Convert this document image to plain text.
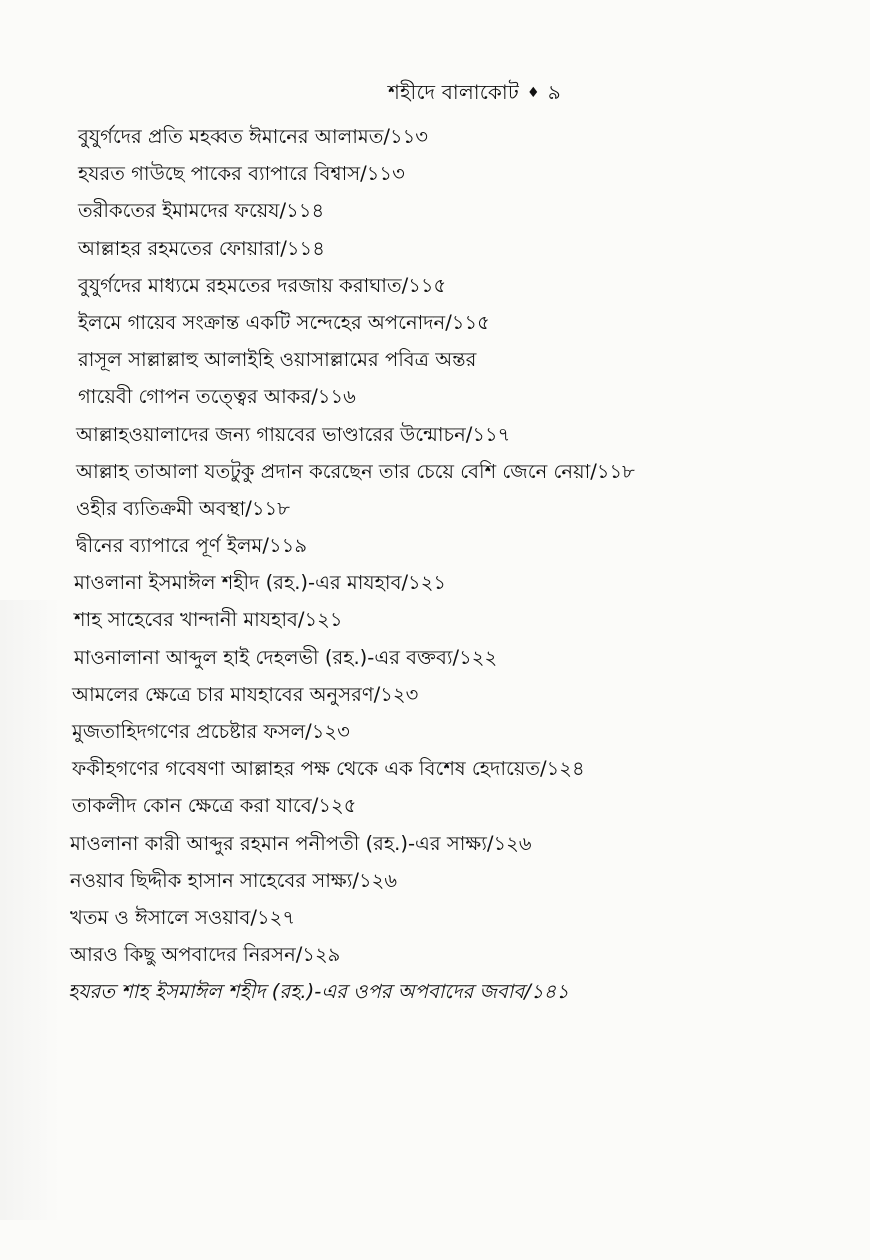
শহীদে বালাকোট ♦ ৯
বুযুর্গদের প্রতি মহব্বত ঈমানের আলামত/১১৩
হযরত গাউছে পাকের ব্যাপারে বিশ্বাস/১১৩
তরীকতের ইমামদের ফয়েয/১১৪
আল্লাহর রহমতের ফোয়ারা/১১৪
বুযুর্গদের মাধ্যমে রহমতের দরজায় করাঘাত/১১৫
ইলমে গায়েব সংক্রান্ত একটি সন্দেহের অপনোদন/১১৫
রাসূল সাল্লাল্লাহু আলাইহি ওয়াসাল্লামের পবিত্র অন্তর
গায়েবী গোপন তত্ত্বের আকর/১১৬
আল্লাহওয়ালাদের জন্য গায়বের ভাণ্ডারের উন্মোচন/১১৭
আল্লাহ তাআলা যতটুকু প্রদান করেছেন তার চেয়ে বেশি জেনে নেয়া/১১৮
ওহীর ব্যতিক্রমী অবস্থা/১১৮
দ্বীনের ব্যাপারে পূর্ণ ইলম/১১৯
মাওলানা ইসমাঈল শহীদ (রহ.)-এর মাযহাব/১২১
শাহ সাহেবের খান্দানী মাযহাব/১২১
মাওনালানা আব্দুল হাই দেহলভী (রহ.)-এর বক্তব্য/১২২
আমলের ক্ষেত্রে চার মাযহাবের অনুসরণ/১২৩
মুজতাহিদগণের প্রচেষ্টার ফসল/১২৩
ফকীহগণের গবেষণা আল্লাহর পক্ষ থেকে এক বিশেষ হেদায়েত/১২৪
তাকলীদ কোন ক্ষেত্রে করা যাবে/১২৫
মাওলানা কারী আব্দুর রহমান পনীপতী (রহ.)-এর সাক্ষ্য/১২৬
নওয়াব ছিদ্দীক হাসান সাহেবের সাক্ষ্য/১২৬
খতম ও ঈসালে সওয়াব/১২৭
আরও কিছু অপবাদের নিরসন/১২৯
হযরত শাহ ইসমাঈল শহীদ (রহ.)-এর ওপর অপবাদের জবাব/১৪১
